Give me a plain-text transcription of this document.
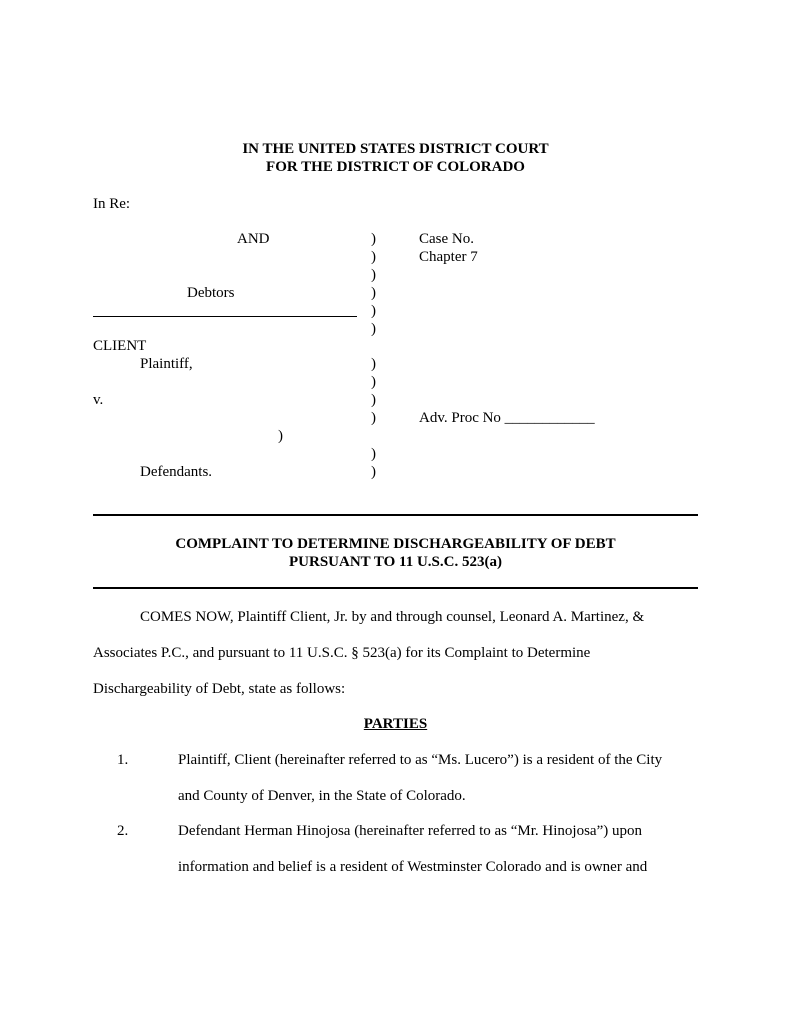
IN THE UNITED STATES DISTRICT COURT
FOR THE DISTRICT OF COLORADO
In Re:
AND
Debtors
CLIENT
Plaintiff,
v.
)
Defendants.
)
)
)
)
)
)
)
)
)
)
)
)
Case No.
Chapter 7
Adv. Proc No ____________
COMPLAINT TO DETERMINE DISCHARGEABILITY OF DEBT
PURSUANT TO 11 U.S.C. 523(a)
COMES NOW, Plaintiff Client, Jr. by and through counsel, Leonard A. Martinez, &
Associates P.C., and pursuant to 11 U.S.C. § 523(a) for its Complaint to Determine
Dischargeability of Debt, state as follows:
PARTIES
1.	Plaintiff, Client (hereinafter referred to as “Ms. Lucero”) is a resident of the City
and County of Denver, in the State of Colorado.
2.	Defendant Herman Hinojosa (hereinafter referred to as “Mr. Hinojosa”) upon
information and belief is a resident of Westminster Colorado and is owner and
